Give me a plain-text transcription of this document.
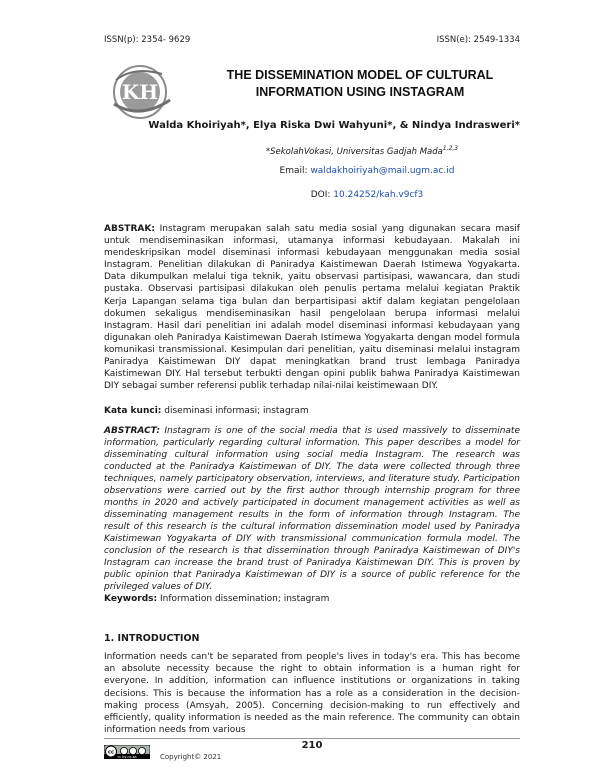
ISSN(p): 2354- 9629	ISSN(e): 2549-1334
KH
THE DISSEMINATION MODEL OF CULTURAL
INFORMATION USING INSTAGRAM
Walda Khoiriyah*, Elya Riska Dwi Wahyuni*, & Nindya Indrasweri*
*SekolahVokasi, Universitas Gadjah Mada$^{1,2,3}$
Email: waldakhoiriyah@mail.ugm.ac.id
DOI: 10.24252/kah.v9cf3
ABSTRAK: Instagram merupakan salah satu media sosial yang digunakan secara masif untuk mendiseminasikan informasi, utamanya informasi kebudayaan. Makalah ini mendeskripsikan model diseminasi informasi kebudayaan menggunakan media sosial Instagram. Penelitian dilakukan di Paniradya Kaistimewan Daerah Istimewa Yogyakarta. Data dikumpulkan melalui tiga teknik, yaitu observasi partisipasi, wawancara, dan studi pustaka. Observasi partisipasi dilakukan oleh penulis pertama melalui kegiatan Praktik Kerja Lapangan selama tiga bulan dan berpartisipasi aktif dalam kegiatan pengelolaan dokumen sekaligus mendiseminasikan hasil pengelolaan berupa informasi melalui Instagram. Hasil dari penelitian ini adalah model diseminasi informasi kebudayaan yang digunakan oleh Paniradya Kaistimewan Daerah Istimewa Yogyakarta dengan model formula komunikasi transmissional. Kesimpulan dari penelitian, yaitu diseminasi melalui instagram Paniradya Kaistimewan DIY dapat meningkatkan brand trust lembaga Paniradya Kaistimewan DIY. Hal tersebut terbukti dengan opini publik bahwa Paniradya Kaistimewan DIY sebagai sumber referensi publik terhadap nilai-nilai keistimewaan DIY.
Kata kunci: diseminasi informasi; instagram
ABSTRACT: Instagram is one of the social media that is used massively to disseminate information, particularly regarding cultural information. This paper describes a model for disseminating cultural information using social media Instagram. The research was conducted at the Paniradya Kaistimewan of DIY. The data were collected through three techniques, namely participatory observation, interviews, and literature study. Participation observations were carried out by the first author through internship program for three months in 2020 and actively participated in document management activities as well as disseminating management results in the form of information through Instagram. The result of this research is the cultural information dissemination model used by Paniradya Kaistimewan Yogyakarta of DIY with transmissional communication formula model. The conclusion of the research is that dissemination through Paniradya Kaistimewan of DIY's Instagram can increase the brand trust of Paniradya Kaistimewan DIY. This is proven by public opinion that Paniradya Kaistimewan of DIY is a source of public reference for the privileged values of DIY.
Keywords: Information dissemination; instagram
1. INTRODUCTION
Information needs can't be separated from people's lives in today's era. This has become an absolute necessity because the right to obtain information is a human right for everyone. In addition, information can influence institutions or organizations in taking decisions. This is because the information has a role as a consideration in the decision-making process (Amsyah, 2005). Concerning decision-making to run effectively and efficiently, quality information is needed as the main reference. The community can obtain information needs from various
210
cc
cc by-nc-sa	Copyright© 2021
